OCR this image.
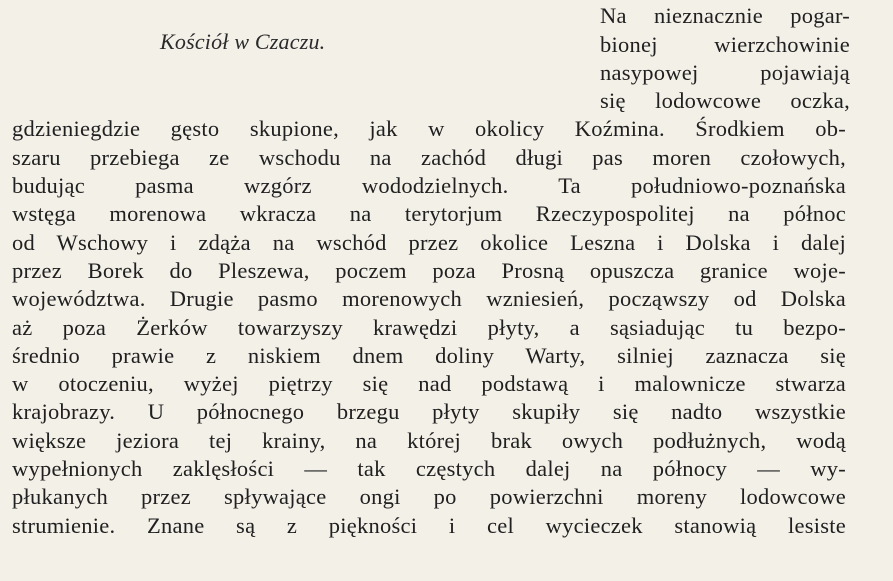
Kościół w Czaczu.
Na nieznacznie pogar-
bionej wierzchowinie
nasypowej pojawiają
się lodowcowe oczka,
gdzieniegdzie gęsto skupione, jak w okolicy Koźmina. Środkiem ob-
szaru przebiega ze wschodu na zachód długi pas moren czołowych,
budując pasma wzgórz wododzielnych. Ta południowo-poznańska
wstęga morenowa wkracza na terytorjum Rzeczypospolitej na północ
od Wschowy i zdąża na wschód przez okolice Leszna i Dolska i dalej
przez Borek do Pleszewa, poczem poza Prosną opuszcza granice woje-
województwa. Drugie pasmo morenowych wzniesień, począwszy od Dolska
aż poza Żerków towarzyszy krawędzi płyty, a sąsiadując tu bezpo-
średnio prawie z niskiem dnem doliny Warty, silniej zaznacza się
w otoczeniu, wyżej piętrzy się nad podstawą i malownicze stwarza
krajobrazy. U północnego brzegu płyty skupiły się nadto wszystkie
większe jeziora tej krainy, na której brak owych podłużnych, wodą
wypełnionych zaklęsłości — tak częstych dalej na północy — wy-
płukanych przez spływające ongi po powierzchni moreny lodowcowe
strumienie. Znane są z piękności i cel wycieczek stanowią lesiste
